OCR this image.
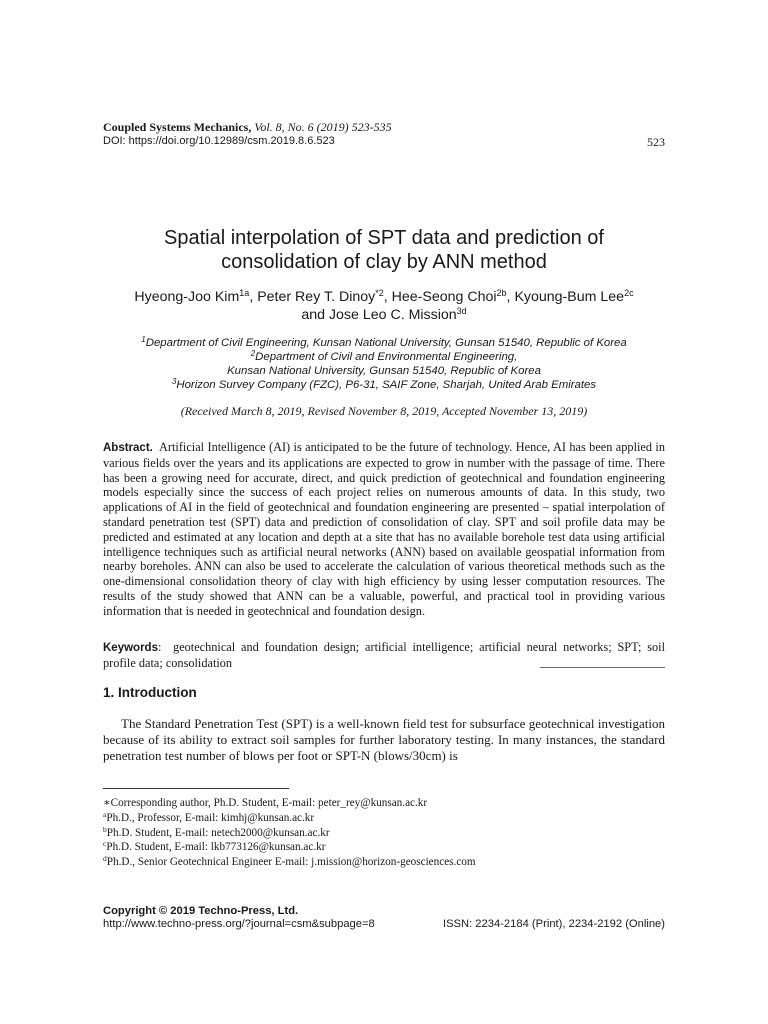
Coupled Systems Mechanics, Vol. 8, No. 6 (2019) 523-535
DOI: https://doi.org/10.12989/csm.2019.8.6.523	523
Spatial interpolation of SPT data and prediction of
consolidation of clay by ANN method
Hyeong-Joo Kim$^{1a}$, Peter Rey T. Dinoy$^{*2}$, Hee-Seong Choi$^{2b}$, Kyoung-Bum Lee$^{2c}$
and Jose Leo C. Mission$^{3d}$
$^1$Department of Civil Engineering, Kunsan National University, Gunsan 51540, Republic of Korea
$^2$Department of Civil and Environmental Engineering,
Kunsan National University, Gunsan 51540, Republic of Korea
$^3$Horizon Survey Company (FZC), P6-31, SAIF Zone, Sharjah, United Arab Emirates
(Received March 8, 2019, Revised November 8, 2019, Accepted November 13, 2019)
Abstract. Artificial Intelligence (AI) is anticipated to be the future of technology. Hence, AI has been applied in various fields over the years and its applications are expected to grow in number with the passage of time. There has been a growing need for accurate, direct, and quick prediction of geotechnical and foundation engineering models especially since the success of each project relies on numerous amounts of data. In this study, two applications of AI in the field of geotechnical and foundation engineering are presented – spatial interpolation of standard penetration test (SPT) data and prediction of consolidation of clay. SPT and soil profile data may be predicted and estimated at any location and depth at a site that has no available borehole test data using artificial intelligence techniques such as artificial neural networks (ANN) based on available geospatial information from nearby boreholes. ANN can also be used to accelerate the calculation of various theoretical methods such as the one-dimensional consolidation theory of clay with high efficiency by using lesser computation resources. The results of the study showed that ANN can be a valuable, powerful, and practical tool in providing various information that is needed in geotechnical and foundation design.
Keywords:  geotechnical and foundation design; artificial intelligence; artificial neural networks; SPT; soil profile data; consolidation
1. Introduction
The Standard Penetration Test (SPT) is a well-known field test for subsurface geotechnical investigation because of its ability to extract soil samples for further laboratory testing. In many instances, the standard penetration test number of blows per foot or SPT-N (blows/30cm) is
∗Corresponding author, Ph.D. Student, E-mail: peter_rey@kunsan.ac.kr
$^a$Ph.D., Professor, E-mail: kimhj@kunsan.ac.kr
$^b$Ph.D. Student, E-mail: netech2000@kunsan.ac.kr
$^c$Ph.D. Student, E-mail: lkb773126@kunsan.ac.kr
$^d$Ph.D., Senior Geotechnical Engineer E-mail: j.mission@horizon-geosciences.com
Copyright © 2019 Techno-Press, Ltd.
http://www.techno-press.org/?journal=csm&subpage=8	ISSN: 2234-2184 (Print), 2234-2192 (Online)
